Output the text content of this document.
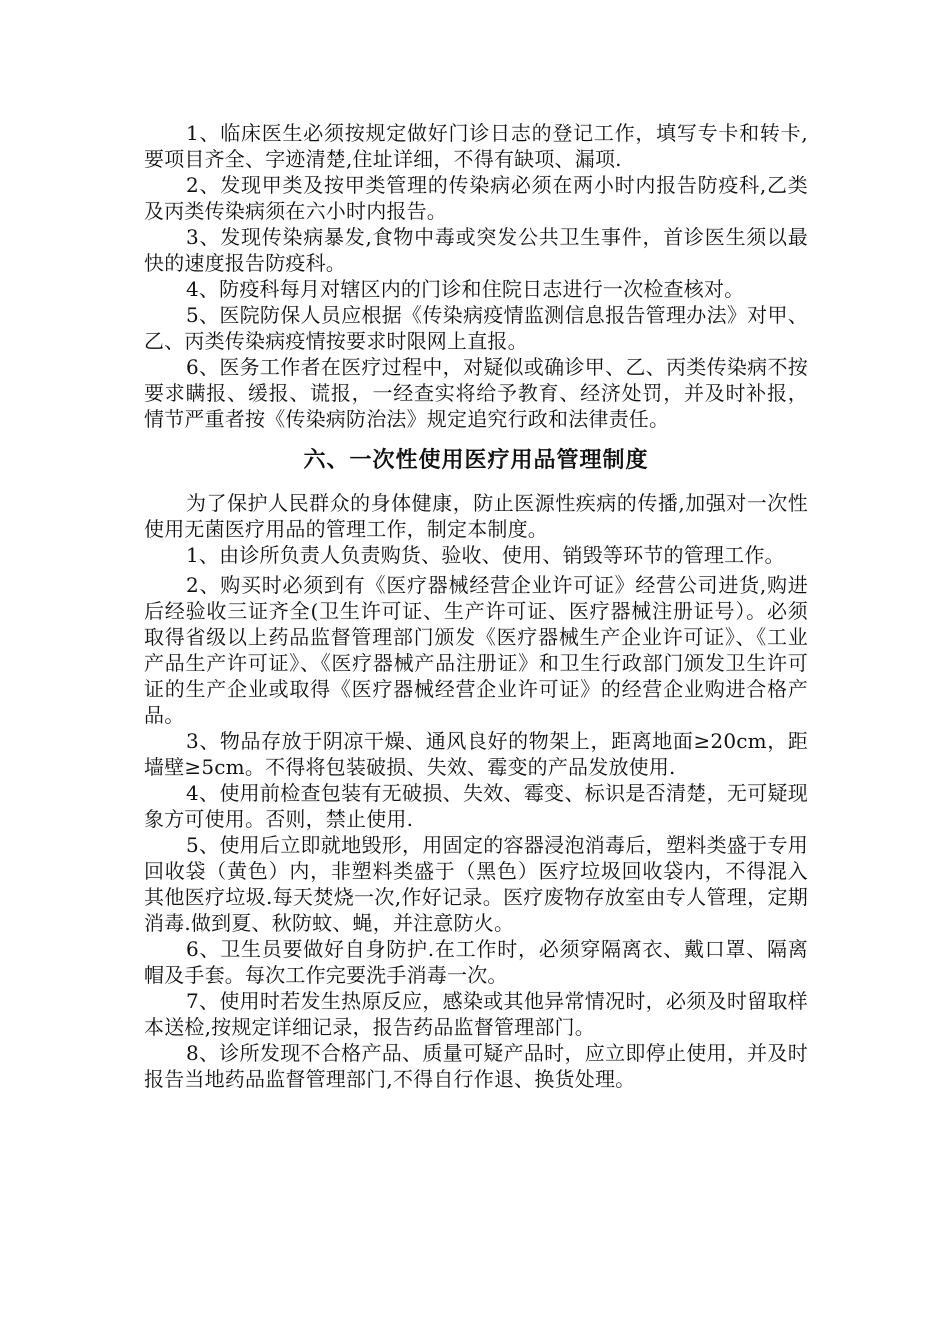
1、临床医生必须按规定做好门诊日志的登记工作，填写专卡和转卡,要项目齐全、字迹清楚,住址详细，不得有缺项、漏项.

2、发现甲类及按甲类管理的传染病必须在两小时内报告防疫科,乙类及丙类传染病须在六小时内报告。

3、发现传染病暴发,食物中毒或突发公共卫生事件，首诊医生须以最快的速度报告防疫科。

4、防疫科每月对辖区内的门诊和住院日志进行一次检查核对。

5、医院防保人员应根据《传染病疫情监测信息报告管理办法》对甲、乙、丙类传染病疫情按要求时限网上直报。

6、医务工作者在医疗过程中，对疑似或确诊甲、乙、丙类传染病不按要求瞒报、缓报、谎报，一经查实将给予教育、经济处罚，并及时补报，情节严重者按《传染病防治法》规定追究行政和法律责任。

六、一次性使用医疗用品管理制度

为了保护人民群众的身体健康，防止医源性疾病的传播,加强对一次性使用无菌医疗用品的管理工作，制定本制度。

1、由诊所负责人负责购货、验收、使用、销毁等环节的管理工作。

2、购买时必须到有《医疗器械经营企业许可证》经营公司进货,购进后经验收三证齐全(卫生许可证、生产许可证、医疗器械注册证号）。必须取得省级以上药品监督管理部门颁发《医疗器械生产企业许可证》、《工业产品生产许可证》、《医疗器械产品注册证》和卫生行政部门颁发卫生许可证的生产企业或取得《医疗器械经营企业许可证》的经营企业购进合格产品。

3、物品存放于阴凉干燥、通风良好的物架上，距离地面≥20cm，距墙壁≥5cm。不得将包装破损、失效、霉变的产品发放使用.

4、使用前检查包装有无破损、失效、霉变、标识是否清楚，无可疑现象方可使用。否则，禁止使用.

5、使用后立即就地毁形，用固定的容器浸泡消毒后，塑料类盛于专用回收袋（黄色）内，非塑料类盛于（黑色）医疗垃圾回收袋内，不得混入其他医疗垃圾.每天焚烧一次,作好记录。医疗废物存放室由专人管理，定期消毒.做到夏、秋防蚊、蝇，并注意防火。

6、卫生员要做好自身防护.在工作时，必须穿隔离衣、戴口罩、隔离帽及手套。每次工作完要洗手消毒一次。

7、使用时若发生热原反应，感染或其他异常情况时，必须及时留取样本送检,按规定详细记录，报告药品监督管理部门。

8、诊所发现不合格产品、质量可疑产品时，应立即停止使用，并及时报告当地药品监督管理部门,不得自行作退、换货处理。
